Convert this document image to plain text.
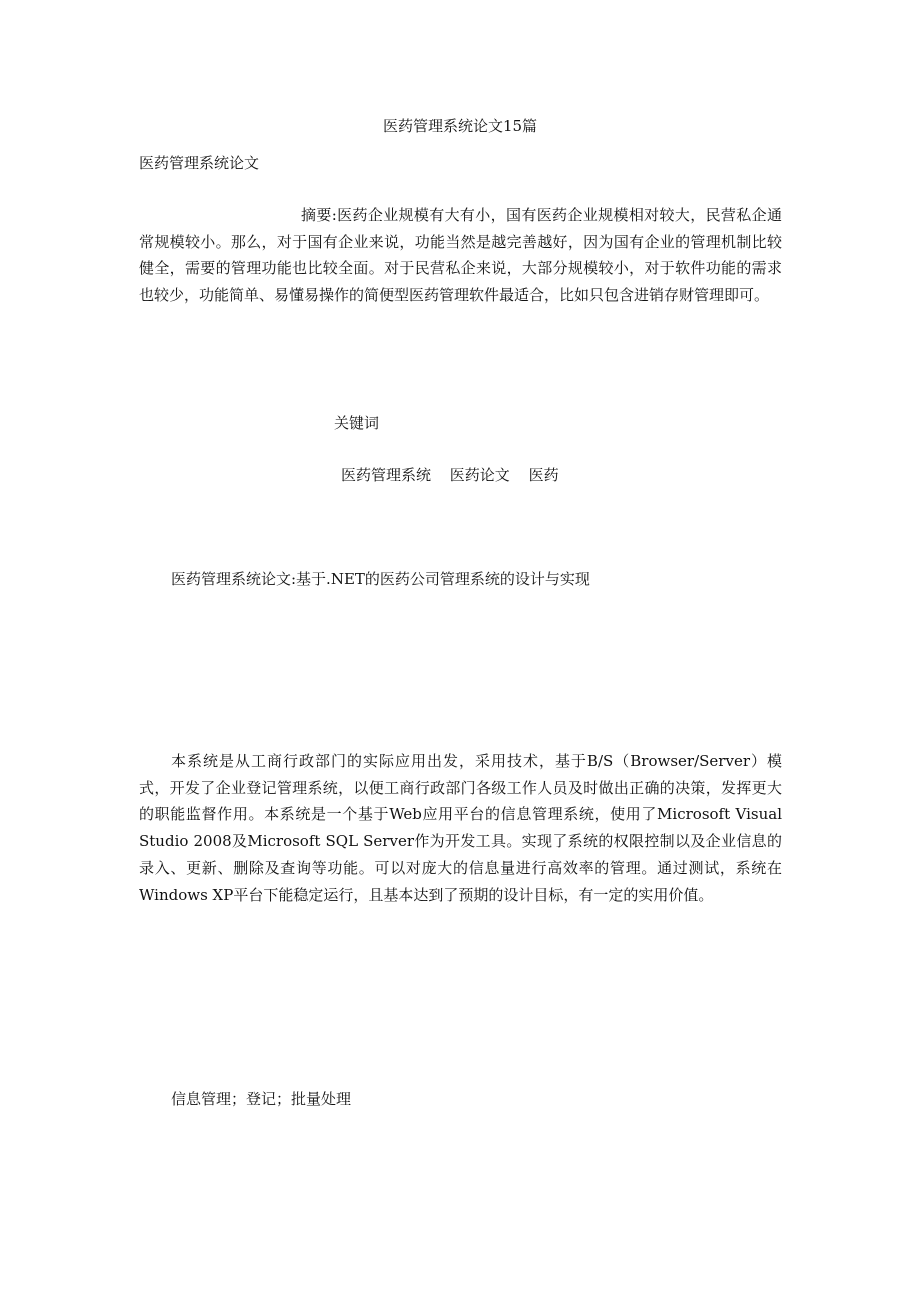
医药管理系统论文15篇
医药管理系统论文

摘要:医药企业规模有大有小，国有医药企业规模相对较大，民营私企通常规模较小。那么，对于国有企业来说，功能当然是越完善越好，因为国有企业的管理机制比较健全，需要的管理功能也比较全面。对于民营私企来说，大部分规模较小，对于软件功能的需求也较少，功能简单、易懂易操作的简便型医药管理软件最适合，比如只包含进销存财管理即可。

关键词
医药管理系统 医药论文 医药
医药管理系统论文:基于.NET的医药公司管理系统的设计与实现

本系统是从工商行政部门的实际应用出发，采用技术，基于B/S（Browser/Server）模式，开发了企业登记管理系统，以便工商行政部门各级工作人员及时做出正确的决策，发挥更大的职能监督作用。本系统是一个基于Web应用平台的信息管理系统，使用了Microsoft Visual Studio 2008及Microsoft SQL Server作为开发工具。实现了系统的权限控制以及企业信息的录入、更新、删除及查询等功能。可以对庞大的信息量进行高效率的管理。通过测试，系统在Windows XP平台下能稳定运行，且基本达到了预期的设计目标，有一定的实用价值。

信息管理；登记；批量处理
